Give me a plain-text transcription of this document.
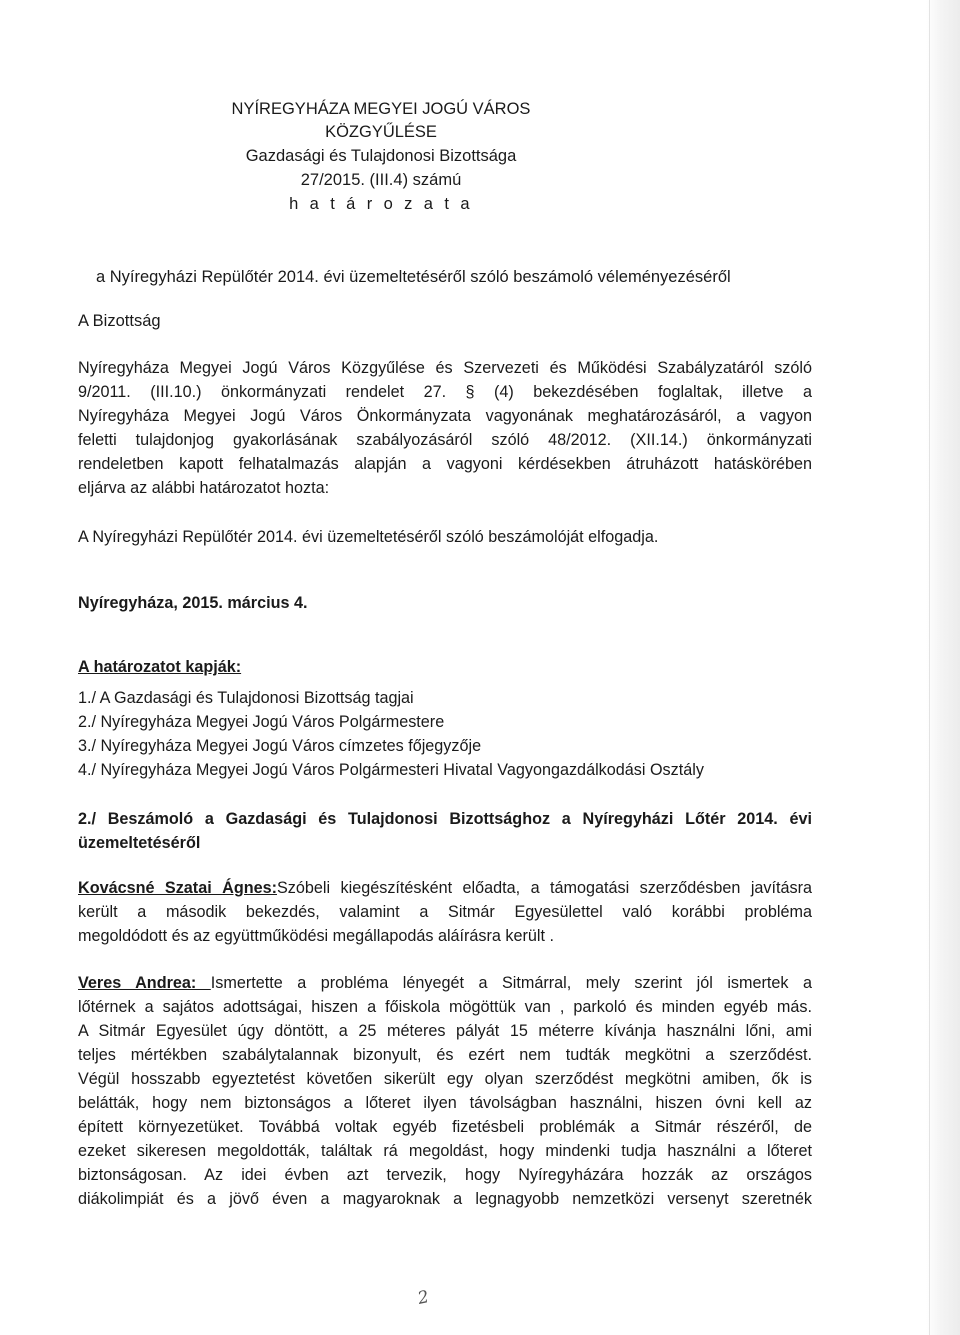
NYÍREGYHÁZA MEGYEI JOGÚ VÁROS
KÖZGYŰLÉSE
Gazdasági és Tulajdonosi Bizottsága
27/2015. (III.4) számú
h a t á r o z a t a
a Nyíregyházi Repülőtér 2014. évi üzemeltetéséről szóló beszámoló véleményezéséről
A Bizottság
Nyíregyháza Megyei Jogú Város Közgyűlése és Szervezeti és Működési Szabályzatáról szóló
9/2011. (III.10.) önkormányzati rendelet 27. § (4) bekezdésében foglaltak, illetve a
Nyíregyháza Megyei Jogú Város Önkormányzata vagyonának meghatározásáról, a vagyon
feletti tulajdonjog gyakorlásának szabályozásáról szóló 48/2012. (XII.14.) önkormányzati
rendeletben kapott felhatalmazás alapján a vagyoni kérdésekben átruházott hatáskörében
eljárva az alábbi határozatot hozta:
A Nyíregyházi Repülőtér 2014. évi üzemeltetéséről szóló beszámolóját elfogadja.
Nyíregyháza, 2015. március 4.
A határozatot kapják:
1./ A Gazdasági és Tulajdonosi Bizottság tagjai
2./ Nyíregyháza Megyei Jogú Város Polgármestere
3./ Nyíregyháza Megyei Jogú Város címzetes főjegyzője
4./ Nyíregyháza Megyei Jogú Város Polgármesteri Hivatal Vagyongazdálkodási Osztály
2./ Beszámoló a Gazdasági és Tulajdonosi Bizottsághoz a Nyíregyházi Lőtér 2014. évi
üzemeltetéséről
Kovácsné Szatai Ágnes:Szóbeli kiegészítésként előadta, a támogatási szerződésben javításra
került a második bekezdés, valamint a Sitmár Egyesülettel való korábbi probléma
megoldódott és az együttműködési megállapodás aláírásra került .
Veres Andrea: Ismertette a probléma lényegét a Sitmárral, mely szerint jól ismertek a
lőtérnek a sajátos adottságai, hiszen a főiskola mögöttük van , parkoló és minden egyéb más.
A Sitmár Egyesület úgy döntött, a 25 méteres pályát 15 méterre kívánja használni lőni, ami
teljes mértékben szabálytalannak bizonyult, és ezért nem tudták megkötni a szerződést.
Végül hosszabb egyeztetést követően sikerült egy olyan szerződést megkötni amiben, ők is
belátták, hogy nem biztonságos a lőteret ilyen távolságban használni, hiszen óvni kell az
épített környezetüket. Továbbá voltak egyéb fizetésbeli problémák a Sitmár részéről, de
ezeket sikeresen megoldották, találtak rá megoldást, hogy mindenki tudja használni a lőteret
biztonságosan. Az idei évben azt tervezik, hogy Nyíregyházára hozzák az országos
diákolimpiát és a jövő éven a magyaroknak a legnagyobb nemzetközi versenyt szeretnék
2
